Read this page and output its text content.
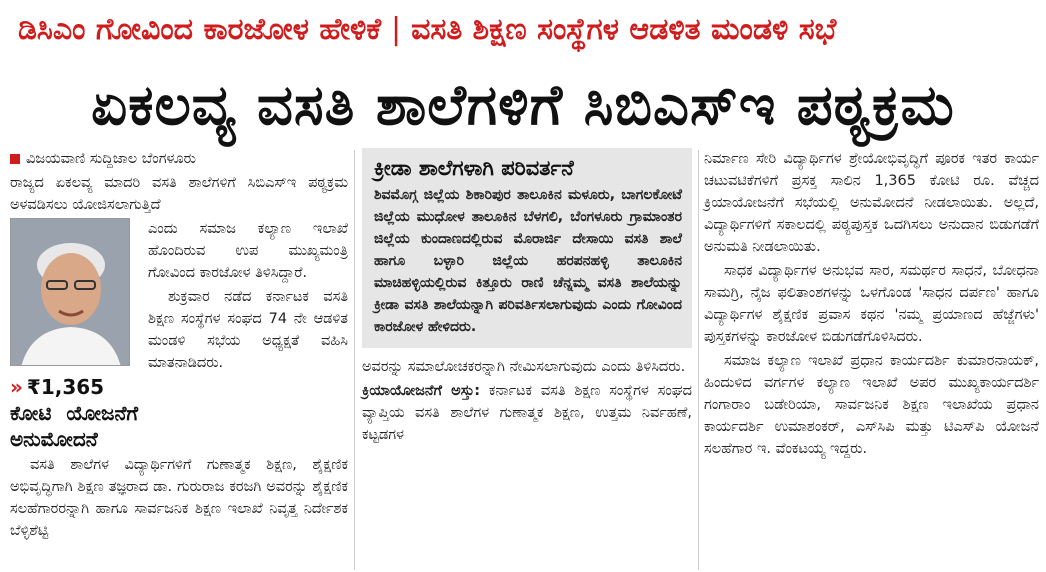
ಡಿಸಿಎಂ ಗೋವಿಂದ ಕಾರಜೋಳ ಹೇಳಿಕೆ | ವಸತಿ ಶಿಕ್ಷಣ ಸಂಸ್ಥೆಗಳ ಆಡಳಿತ ಮಂಡಳಿ ಸಭೆ
ಏಕಲವ್ಯ ವಸತಿ ಶಾಲೆಗಳಿಗೆ ಸಿಬಿಎಸ್‌ಇ ಪಠ್ಯಕ್ರಮ
ವಿಜಯವಾಣಿ ಸುದ್ದಿಜಾಲ ಬೆಂಗಳೂರು

ರಾಜ್ಯದ ಏಕಲವ್ಯ ಮಾದರಿ ವಸತಿ ಶಾಲೆಗಳಿಗೆ ಸಿಬಿಎಸ್‌ಇ ಪಠ್ಯಕ್ರಮ ಅಳವಡಿಸಲು ಯೋಜಿಸಲಾಗುತ್ತಿದೆ

» ₹1,365 ಕೋಟಿ ಯೋಜನೆಗೆ ಅನುಮೋದನೆ

ಎಂದು ಸಮಾಜ ಕಲ್ಯಾಣ ಇಲಾಖೆ ಹೊಂದಿರುವ ಉಪ ಮುಖ್ಯಮಂತ್ರಿ ಗೋವಿಂದ ಕಾರಜೋಳ ತಿಳಿಸಿದ್ದಾರೆ.

ಶುಕ್ರವಾರ ನಡೆದ ಕರ್ನಾಟಕ ವಸತಿ ಶಿಕ್ಷಣ ಸಂಸ್ಥೆಗಳ ಸಂಘದ 74 ನೇ ಆಡಳಿತ ಮಂಡಳಿ ಸಭೆಯ ಅಧ್ಯಕ್ಷತೆ ವಹಿಸಿ ಮಾತನಾಡಿದರು.

ವಸತಿ ಶಾಲೆಗಳ ವಿದ್ಯಾರ್ಥಿಗಳಿಗೆ ಗುಣಾತ್ಮಕ ಶಿಕ್ಷಣ, ಶೈಕ್ಷಣಿಕ ಅಭಿವೃದ್ಧಿಗಾಗಿ ಶಿಕ್ಷಣ ತಜ್ಞರಾದ ಡಾ. ಗುರುರಾಜ ಕರಜಗಿ ಅವರನ್ನು ಶೈಕ್ಷಣಿಕ ಸಲಹೆಗಾರರನ್ನಾಗಿ ಹಾಗೂ ಸಾರ್ವಜನಿಕ ಶಿಕ್ಷಣ ಇಲಾಖೆ ನಿವೃತ್ತ ನಿರ್ದೇಶಕ ಬೆಳ್ಳಿಶೆಟ್ಟಿ

ಕ್ರೀಡಾ ಶಾಲೆಗಳಾಗಿ ಪರಿವರ್ತನೆ

ಶಿವಮೊಗ್ಗ ಜಿಲ್ಲೆಯ ಶಿಕಾರಿಪುರ ತಾಲೂಕಿನ ಮಳೂರು, ಬಾಗಲಕೋಟೆ ಜಿಲ್ಲೆಯ ಮುಧೋಳ ತಾಲೂಕಿನ ಬೆಳಗಲಿ, ಬೆಂಗಳೂರು ಗ್ರಾಮಾಂತರ ಜಿಲ್ಲೆಯ ಕುಂದಾಣದಲ್ಲಿರುವ ಮೊರಾರ್ಜಿ ದೇಸಾಯಿ ವಸತಿ ಶಾಲೆ ಹಾಗೂ ಬಳ್ಳಾರಿ ಜಿಲ್ಲೆಯ ಹರಪನಹಳ್ಳಿ ತಾಲೂಕಿನ ಮಾಚಿಹಳ್ಳಿಯಲ್ಲಿರುವ ಕಿತ್ತೂರು ರಾಣಿ ಚೆನ್ನಮ್ಮ ವಸತಿ ಶಾಲೆಯನ್ನು ಕ್ರೀಡಾ ವಸತಿ ಶಾಲೆಯನ್ನಾಗಿ ಪರಿವರ್ತಿಸಲಾಗುವುದು ಎಂದು ಗೋವಿಂದ ಕಾರಜೋಳ ಹೇಳಿದರು.

ಅವರನ್ನು ಸಮಾಲೋಚಕರನ್ನಾಗಿ ನೇಮಿಸಲಾಗುವುದು ಎಂದು ತಿಳಿಸಿದರು.

ಕ್ರಿಯಾಯೋಜನೆಗೆ ಅಸ್ತು: ಕರ್ನಾಟಕ ವಸತಿ ಶಿಕ್ಷಣ ಸಂಸ್ಥೆಗಳ ಸಂಘದ ವ್ಯಾಪ್ತಿಯ ವಸತಿ ಶಾಲೆಗಳ ಗುಣಾತ್ಮಕ ಶಿಕ್ಷಣ, ಉತ್ತಮ ನಿರ್ವಹಣೆ, ಕಟ್ಟಡಗಳ

ನಿರ್ಮಾಣ ಸೇರಿ ವಿದ್ಯಾರ್ಥಿಗಳ ಶ್ರೇಯೋಭಿವೃದ್ಧಿಗೆ ಪೂರಕ ಇತರ ಕಾರ್ಯ ಚಟುವಟಿಕೆಗಳಿಗೆ ಪ್ರಸಕ್ತ ಸಾಲಿನ 1,365 ಕೋಟಿ ರೂ. ವೆಚ್ಚದ ಕ್ರಿಯಾಯೋಜನೆಗೆ ಸಭೆಯಲ್ಲಿ ಅನುಮೋದನೆ ನೀಡಲಾಯಿತು. ಅಲ್ಲದೆ, ವಿದ್ಯಾರ್ಥಿಗಳಿಗೆ ಸಕಾಲದಲ್ಲಿ ಪಠ್ಯಪುಸ್ತಕ ಒದಗಿಸಲು ಅನುದಾನ ಬಿಡುಗಡೆಗೆ ಅನುಮತಿ ನೀಡಲಾಯಿತು.

ಸಾಧಕ ವಿದ್ಯಾರ್ಥಿಗಳ ಅನುಭವ ಸಾರ, ಸಮರ್ಥರ ಸಾಧನೆ, ಬೋಧನಾ ಸಾಮಗ್ರಿ, ನೈಜ ಫಲಿತಾಂಶಗಳನ್ನು ಒಳಗೊಂಡ 'ಸಾಧನ ದರ್ಪಣ' ಹಾಗೂ ವಿದ್ಯಾರ್ಥಿಗಳ ಶೈಕ್ಷಣಿಕ ಪ್ರವಾಸ ಕಥನ 'ನಮ್ಮ ಪ್ರಯಾಣದ ಹೆಜ್ಜೆಗಳು' ಪುಸ್ತಕಗಳನ್ನು ಕಾರಜೋಳ ಬಿಡುಗಡೆಗೊಳಿಸಿದರು.

ಸಮಾಜ ಕಲ್ಯಾಣ ಇಲಾಖೆ ಪ್ರಧಾನ ಕಾರ್ಯದರ್ಶಿ ಕುಮಾರನಾಯಕ್, ಹಿಂದುಳಿದ ವರ್ಗಗಳ ಕಲ್ಯಾಣ ಇಲಾಖೆ ಅಪರ ಮುಖ್ಯಕಾರ್ಯದರ್ಶಿ ಗಂಗಾರಾಂ ಬಡೇರಿಯಾ, ಸಾರ್ವಜನಿಕ ಶಿಕ್ಷಣ ಇಲಾಖೆಯ ಪ್ರಧಾನ ಕಾರ್ಯದರ್ಶಿ ಉಮಾಶಂಕರ್, ಎಸ್‌ಸಿಪಿ ಮತ್ತು ಟಿಎಸ್‌ಪಿ ಯೋಜನೆ ಸಲಹೆಗಾರ ಇ. ವೆಂಕಟಯ್ಯ ಇದ್ದರು.
